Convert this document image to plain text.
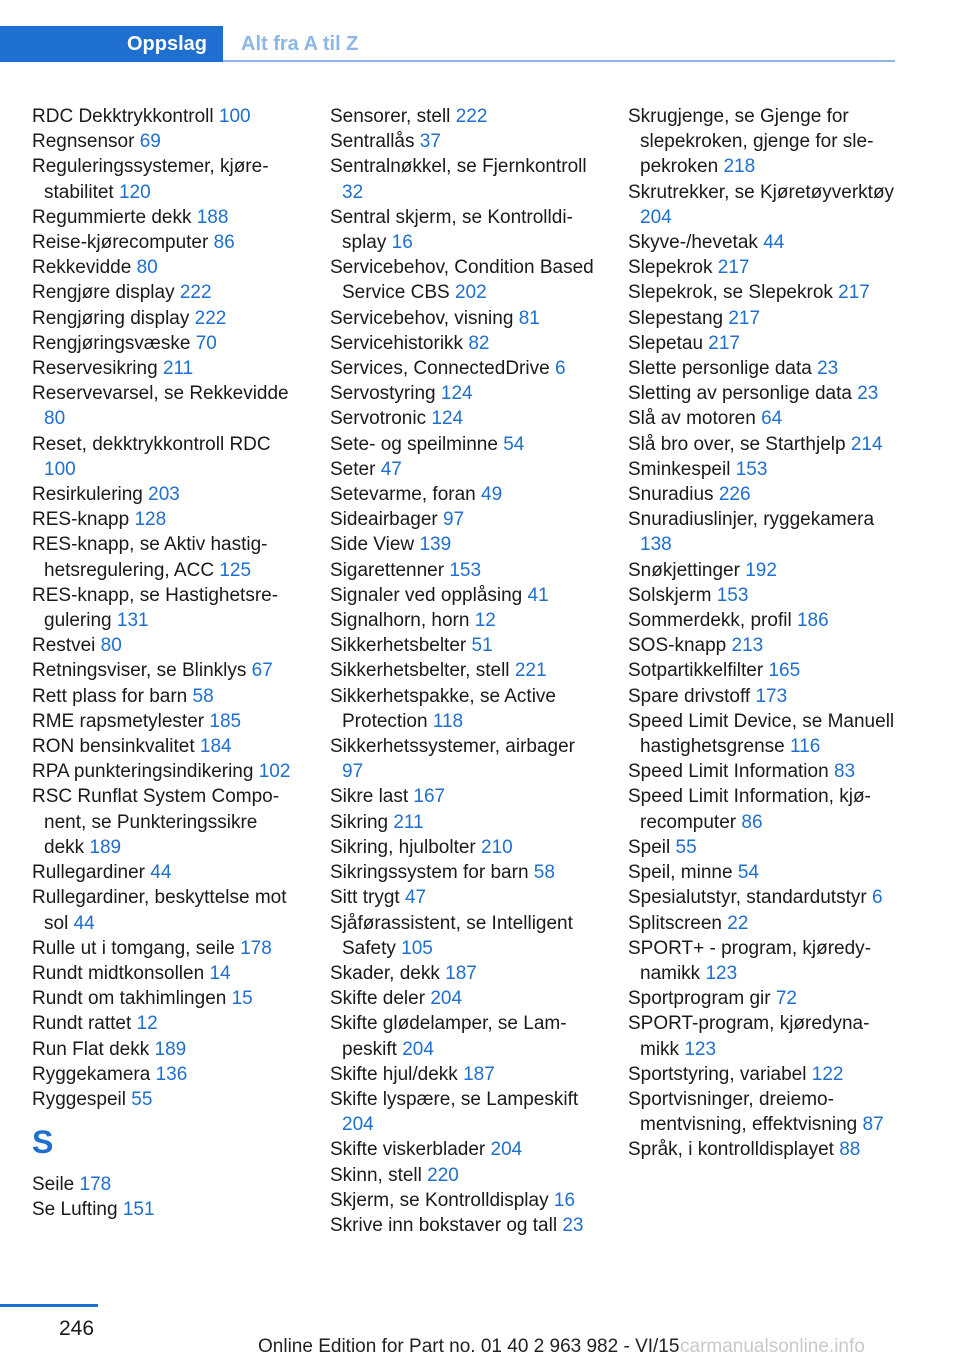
Oppslag	Alt fra A til Z
RDC Dekktrykkontroll 100
Regnsensor 69
Reguleringssystemer, kjørestabilitet 120
Regummierte dekk 188
Reise-kjørecomputer 86
Rekkevidde 80
Rengjøre display 222
Rengjøring display 222
Rengjøringsvæske 70
Reservesikring 211
Reservevarsel, se Rekkevidde 80
Reset, dekktrykkontroll RDC 100
Resirkulering 203
RES-knapp 128
RES-knapp, se Aktiv hastighetsregulering, ACC 125
RES-knapp, se Hastighetsregulering 131
Restvei 80
Retningsviser, se Blinklys 67
Rett plass for barn 58
RME rapsmetylester 185
RON bensinkvalitet 184
RPA punkteringsindikering 102
RSC Runflat System Component, se Punkteringssikre dekk 189
Rullegardiner 44
Rullegardiner, beskyttelse mot sol 44
Rulle ut i tomgang, seile 178
Rundt midtkonsollen 14
Rundt om takhimlingen 15
Rundt rattet 12
Run Flat dekk 189
Ryggekamera 136
Ryggespeil 55
S
Seile 178
Se Lufting 151
Sensorer, stell 222
Sentrallås 37
Sentralnøkkel, se Fjernkontroll 32
Sentral skjerm, se Kontrolldisplay 16
Servicebehov, Condition Based Service CBS 202
Servicebehov, visning 81
Servicehistorikk 82
Services, ConnectedDrive 6
Servostyring 124
Servotronic 124
Sete- og speilminne 54
Seter 47
Setevarme, foran 49
Sideairbager 97
Side View 139
Sigarettenner 153
Signaler ved opplåsing 41
Signalhorn, horn 12
Sikkerhetsbelter 51
Sikkerhetsbelter, stell 221
Sikkerhetspakke, se Active Protection 118
Sikkerhetssystemer, airbager 97
Sikre last 167
Sikring 211
Sikring, hjulbolter 210
Sikringssystem for barn 58
Sitt trygt 47
Sjåførassistent, se Intelligent Safety 105
Skader, dekk 187
Skifte deler 204
Skifte glødelamper, se Lampeskift 204
Skifte hjul/dekk 187
Skifte lyspære, se Lampeskift 204
Skifte viskerblader 204
Skinn, stell 220
Skjerm, se Kontrolldisplay 16
Skrive inn bokstaver og tall 23
Skrugjenge, se Gjenge for slepekroken, gjenge for slepekroken 218
Skrutrekker, se Kjøretøyverktøy 204
Skyve-/hevetak 44
Slepekrok 217
Slepekrok, se Slepekrok 217
Slepestang 217
Slepetau 217
Slette personlige data 23
Sletting av personlige data 23
Slå av motoren 64
Slå bro over, se Starthjelp 214
Sminkespeil 153
Snuradius 226
Snuradiuslinjer, ryggekamera 138
Snøkjettinger 192
Solskjerm 153
Sommerdekk, profil 186
SOS-knapp 213
Sotpartikkelfilter 165
Spare drivstoff 173
Speed Limit Device, se Manuell hastighetsgrense 116
Speed Limit Information 83
Speed Limit Information, kjørecomputer 86
Speil 55
Speil, minne 54
Spesialutstyr, standardutstyr 6
Splitscreen 22
SPORT+ - program, kjøredynamikk 123
Sportprogram gir 72
SPORT-program, kjøredynamikk 123
Sportstyring, variabel 122
Sportvisninger, dreiemomentvisning, effektvisning 87
Språk, i kontrolldisplayet 88
246
Online Edition for Part no. 01 40 2 963 982 - VI/15 carmanualsonline.info
